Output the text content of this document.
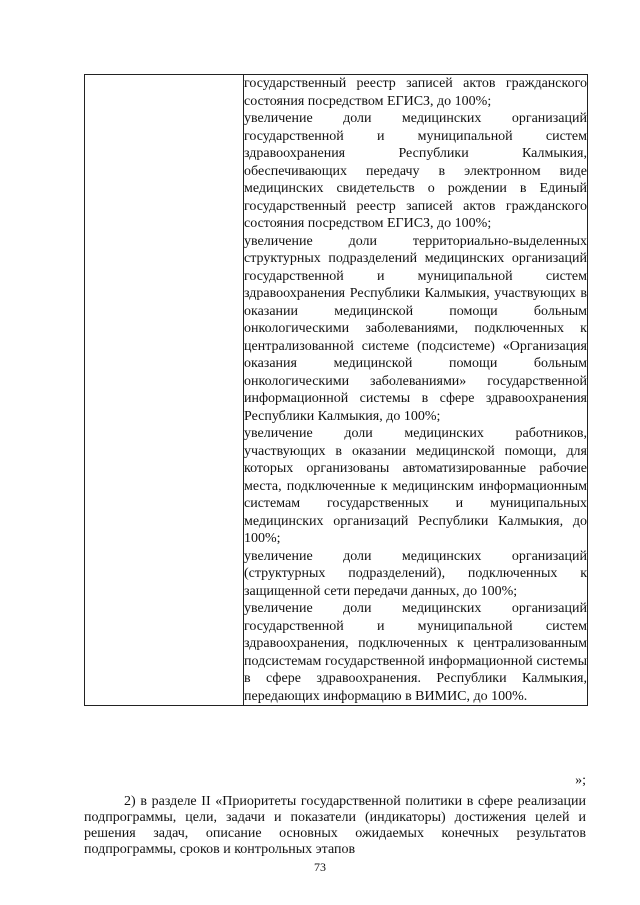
государственный реестр записей актов гражданского состояния посредством ЕГИСЗ, до 100%;

увеличение доли медицинских организаций государственной и муниципальной систем здравоохранения Республики Калмыкия, обеспечивающих передачу в электронном виде медицинских свидетельств о рождении в Единый государственный реестр записей актов гражданского состояния посредством ЕГИСЗ, до 100%;

увеличение доли территориально-выделенных структурных подразделений медицинских организаций государственной и муниципальной систем здравоохранения Республики Калмыкия, участвующих в оказании медицинской помощи больным онкологическими заболеваниями, подключенных к централизованной системе (подсистеме) «Организация оказания медицинской помощи больным онкологическими заболеваниями» государственной информационной системы в сфере здравоохранения Республики Калмыкия, до 100%;

увеличение доли медицинских работников, участвующих в оказании медицинской помощи, для которых организованы автоматизированные рабочие места, подключенные к медицинским информационным системам государственных и муниципальных медицинских организаций Республики Калмыкия, до 100%;

увеличение доли медицинских организаций (структурных подразделений), подключенных к защищенной сети передачи данных, до 100%;

увеличение доли медицинских организаций государственной и муниципальной систем здравоохранения, подключенных к централизованным подсистемам государственной информационной системы в сфере здравоохранения. Республики Калмыкия, передающих информацию в ВИМИС, до 100%.

»;

2) в разделе II «Приоритеты государственной политики в сфере реализации подпрограммы, цели, задачи и показатели (индикаторы) достижения целей и решения задач, описание основных ожидаемых конечных результатов подпрограммы, сроков и контрольных этапов

73
